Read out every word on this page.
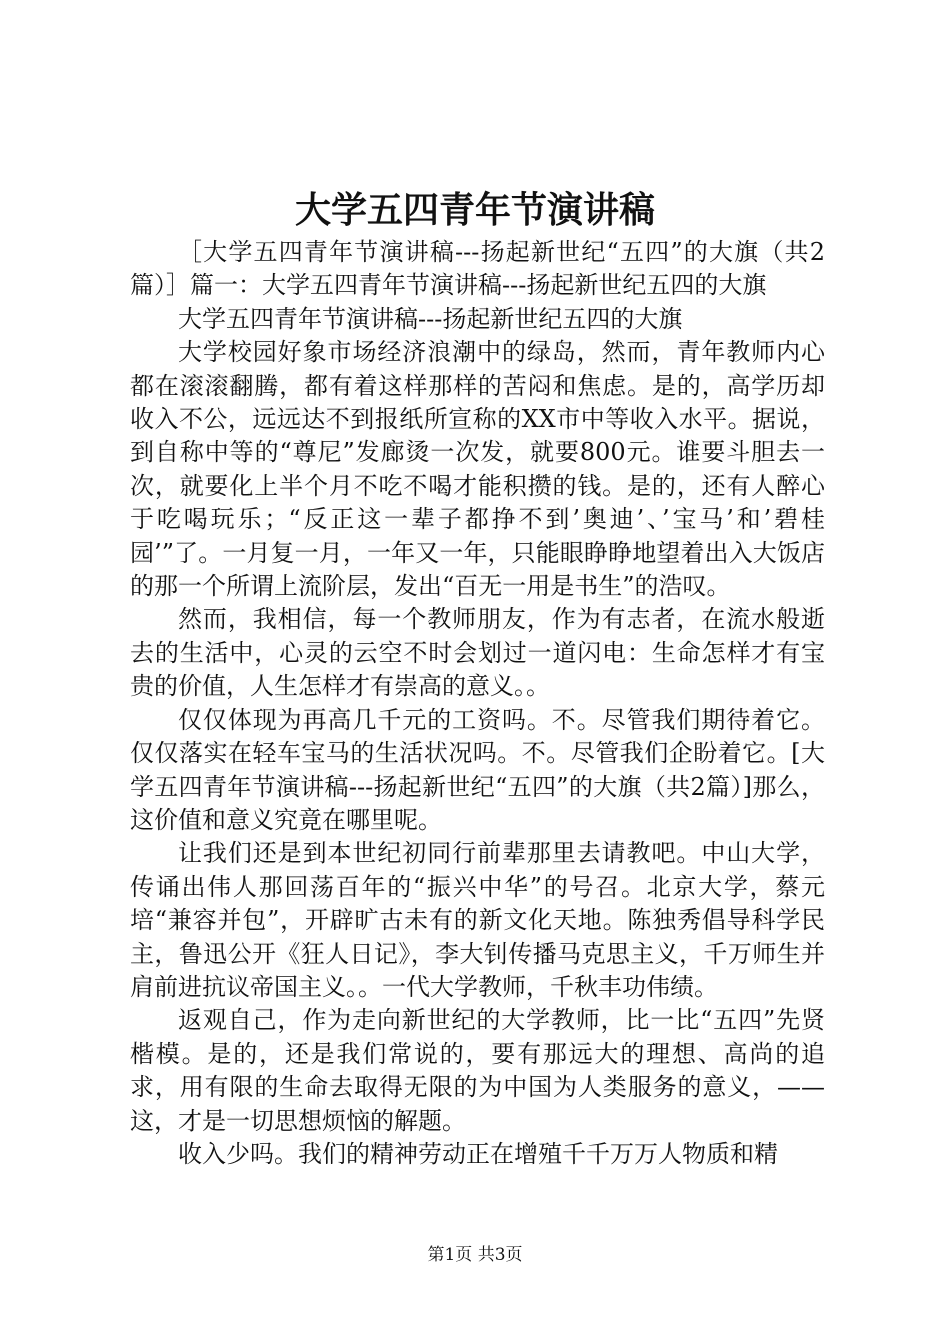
大学五四青年节演讲稿

［大学五四青年节演讲稿---扬起新世纪“五四”的大旗（共2篇）］篇一：大学五四青年节演讲稿---扬起新世纪五四的大旗

大学五四青年节演讲稿---扬起新世纪五四的大旗

大学校园好象市场经济浪潮中的绿岛，然而，青年教师内心都在滚滚翻腾，都有着这样那样的苦闷和焦虑。是的，高学历却收入不公，远远达不到报纸所宣称的XX市中等收入水平。据说，到自称中等的“尊尼”发廊烫一次发，就要800元。谁要斗胆去一次，就要化上半个月不吃不喝才能积攒的钱。是的，还有人醉心于吃喝玩乐；“反正这一辈子都挣不到’奥迪’、’宝马’和’碧桂园’”了。一月复一月，一年又一年，只能眼睁睁地望着出入大饭店的那一个所谓上流阶层，发出“百无一用是书生”的浩叹。

然而，我相信，每一个教师朋友，作为有志者，在流水般逝去的生活中，心灵的云空不时会划过一道闪电：生命怎样才有宝贵的价值，人生怎样才有崇高的意义。。

仅仅体现为再高几千元的工资吗。不。尽管我们期待着它。仅仅落实在轻车宝马的生活状况吗。不。尽管我们企盼着它。[大学五四青年节演讲稿---扬起新世纪“五四”的大旗（共2篇）]那么，这价值和意义究竟在哪里呢。

让我们还是到本世纪初同行前辈那里去请教吧。中山大学，传诵出伟人那回荡百年的“振兴中华”的号召。北京大学，蔡元培“兼容并包”，开辟旷古未有的新文化天地。陈独秀倡导科学民主，鲁迅公开《狂人日记》，李大钊传播马克思主义，千万师生并肩前进抗议帝国主义。。一代大学教师，千秋丰功伟绩。

返观自己，作为走向新世纪的大学教师，比一比“五四”先贤楷模。是的，还是我们常说的，要有那远大的理想、高尚的追求，用有限的生命去取得无限的为中国为人类服务的意义，——这，才是一切思想烦恼的解题。

收入少吗。我们的精神劳动正在增殖千千万万人物质和精

第1页 共3页
